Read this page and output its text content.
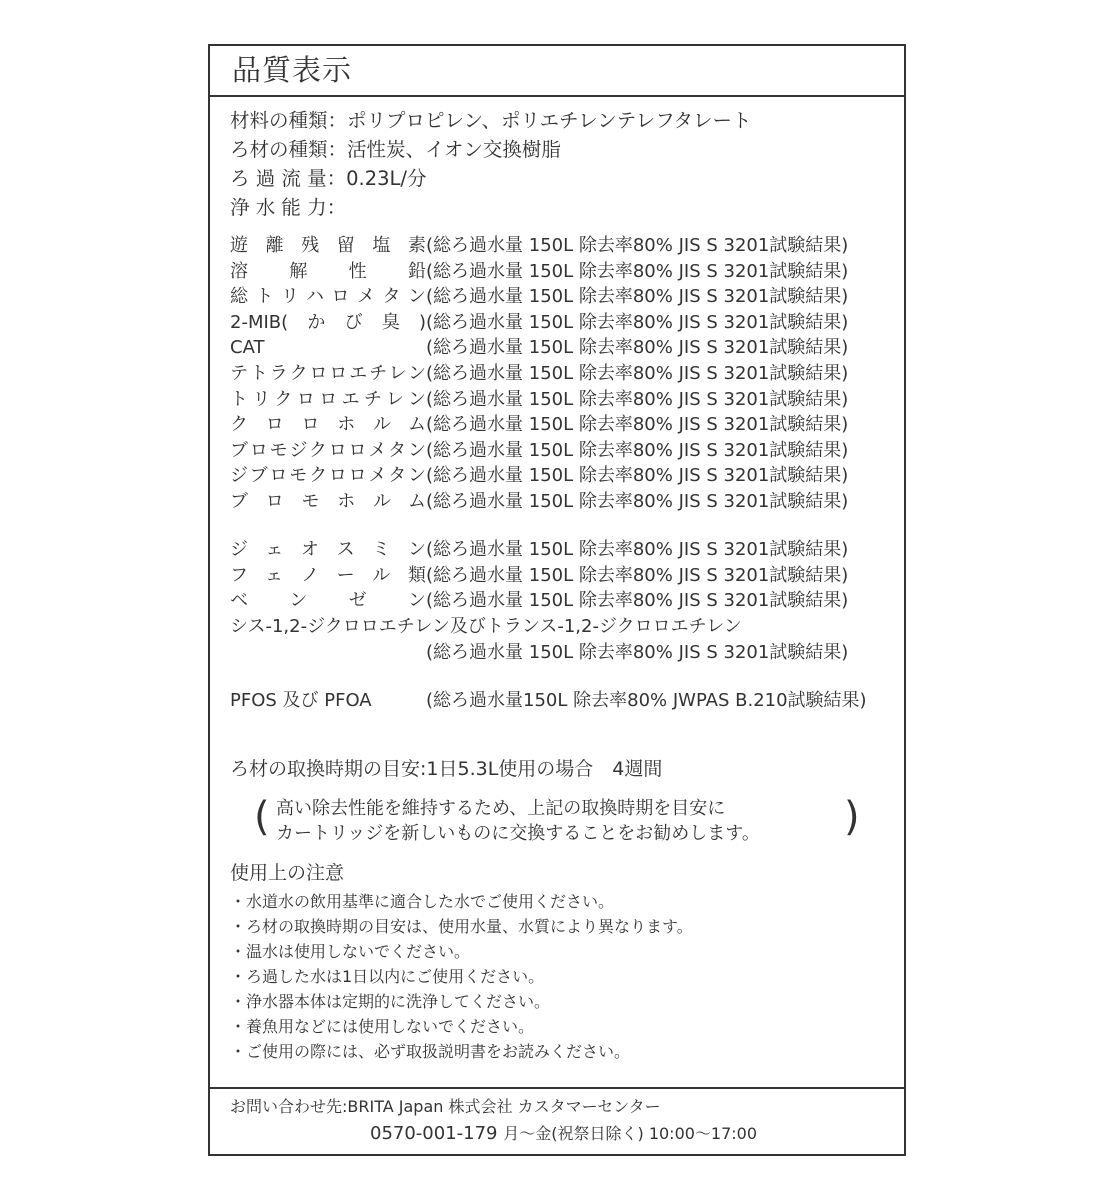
品質表示
材料の種類：ポリプロピレン、ポリエチレンテレフタレート
ろ材の種類：活性炭、イオン交換樹脂
ろ 過 流 量：0.23L/分
浄 水 能 力：
遊離残留塩素(総ろ過水量 150L 除去率80% JIS S 3201試験結果)
溶解性鉛(総ろ過水量 150L 除去率80% JIS S 3201試験結果)
総トリハロメタン(総ろ過水量 150L 除去率80% JIS S 3201試験結果)
2-MIB(かび臭)(総ろ過水量 150L 除去率80% JIS S 3201試験結果)
CAT	(総ろ過水量 150L 除去率80% JIS S 3201試験結果)
テトラクロロエチレン(総ろ過水量 150L 除去率80% JIS S 3201試験結果)
トリクロロエチレン(総ろ過水量 150L 除去率80% JIS S 3201試験結果)
クロロホルム(総ろ過水量 150L 除去率80% JIS S 3201試験結果)
ブロモジクロロメタン(総ろ過水量 150L 除去率80% JIS S 3201試験結果)
ジブロモクロロメタン(総ろ過水量 150L 除去率80% JIS S 3201試験結果)
ブロモホルム(総ろ過水量 150L 除去率80% JIS S 3201試験結果)
ジェオスミン(総ろ過水量 150L 除去率80% JIS S 3201試験結果)
フェノール類(総ろ過水量 150L 除去率80% JIS S 3201試験結果)
ベンゼン(総ろ過水量 150L 除去率80% JIS S 3201試験結果)
シス-1,2-ジクロロエチレン及びトランス-1,2-ジクロロエチレン
(総ろ過水量 150L 除去率80% JIS S 3201試験結果)
PFOS 及び PFOA	(総ろ過水量150L 除去率80% JWPAS B.210試験結果)
ろ材の取換時期の目安:1日5.3L使用の場合　4週間
( 高い除去性能を維持するため、上記の取換時期を目安に
カートリッジを新しいものに交換することをお勧めします。 )
使用上の注意
・水道水の飲用基準に適合した水でご使用ください。
・ろ材の取換時期の目安は、使用水量、水質により異なります。
・温水は使用しないでください。
・ろ過した水は1日以内にご使用ください。
・浄水器本体は定期的に洗浄してください。
・養魚用などには使用しないでください。
・ご使用の際には、必ず取扱説明書をお読みください。
お問い合わせ先:BRITA Japan 株式会社 カスタマーセンター
0570-001-179 月〜金(祝祭日除く) 10:00〜17:00
